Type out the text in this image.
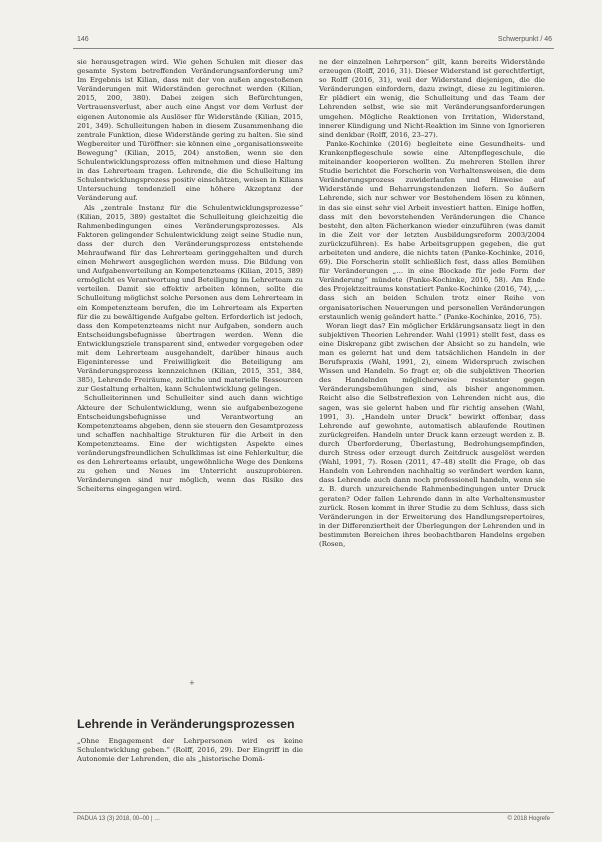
146	Schwerpunkt / 46

sie herausgetragen wird. Wie gehen Schulen mit dieser das gesamte System betreffenden Veränderungsanforderung um? Im Ergebnis ist Kilian, dass mit der von außen angestoßenen Veränderungen mit Widerständen gerechnet werden (Kilian, 2015, 200, 380). Dabei zeigen sich Befürchtungen, Vertrauensverlust, aber auch eine Angst vor dem Verlust der eigenen Autonomie als Auslöser für Widerstände (Kilian, 2015, 201, 349). Schulleitungen haben in diesem Zusammenhang die zentrale Funktion, diese Widerstände gering zu halten. Sie sind Wegbereiter und Türöffner: sie können eine „organisationsweite Bewegung“ (Kilian, 2015, 204) anstoßen, wenn sie den Schulentwicklungsprozess offen mitnehmen und diese Haltung in das Lehrerteam tragen. Lehrende, die die Schulleitung im Schulentwicklungsprozess positiv einschätzen, weisen in Kilians Untersuchung tendenziell eine höhere Akzeptanz der Veränderung auf.

Als „zentrale Instanz für die Schulentwicklungsprozesse“ (Kilian, 2015, 389) gestaltet die Schulleitung gleichzeitig die Rahmenbedingungen eines Veränderungsprozesses. Als Faktoren gelingender Schulentwicklung zeigt seine Studie nun, dass der durch den Veränderungsprozess entstehende Mehraufwand für das Lehrerteam geringgehalten und durch einen Mehrwert ausgeglichen werden muss. Die Bildung von und Aufgabenverteilung an Kompetenzteams (Kilian, 2015, 389) ermöglicht es Verantwortung und Beteiligung im Lehrerteam zu verteilen. Damit sie effektiv arbeiten können, sollte die Schulleitung möglichst solche Personen aus dem Lehrerteam in ein Kompetenzteam berufen, die im Lehrerteam als Experten für die zu bewältigende Aufgabe gelten. Erforderlich ist jedoch, dass den Kompetenzteams nicht nur Aufgaben, sondern auch Entscheidungsbefugnisse übertragen werden. Wenn die Entwicklungsziele transparent sind, entweder vorgegeben oder mit dem Lehrerteam ausgehandelt, darüber hinaus auch Eigeninteresse und Freiwilligkeit die Beteiligung am Veränderungsprozess kennzeichnen (Kilian, 2015, 351, 384, 385), Lehrende Freiräume, zeitliche und materielle Ressourcen zur Gestaltung erhalten, kann Schulentwicklung gelingen.

Schulleiterinnen und Schulleiter sind auch dann wichtige Akteure der Schulentwicklung, wenn sie aufgabenbezogene Entscheidungsbefugnisse und Verantwortung an Kompetenzteams abgeben, denn sie steuern den Gesamtprozess und schaffen nachhaltige Strukturen für die Arbeit in den Kompetenzteams. Eine der wichtigsten Aspekte eines veränderungsfreundlichen Schulklimas ist eine Fehlerkultur, die es den Lehrerteams erlaubt, ungewöhnliche Wege des Denkens zu gehen und Neues im Unterricht auszuprobieren. Veränderungen sind nur möglich, wenn das Risiko des Scheiterns eingegangen wird.

+
Lehrende in Veränderungsprozessen

„Ohne Engagement der Lehrpersonen wird es keine Schulentwicklung geben.“ (Rolff, 2016, 29). Der Eingriff in die Autonomie der Lehrenden, die als „historische Domä-

ne der einzelnen Lehrperson“ gilt, kann bereits Widerstände erzeugen (Rolff, 2016, 31). Dieser Widerstand ist gerechtfertigt, so Rolff (2016, 31), weil der Widerstand diejenigen, die die Veränderungen einfordern, dazu zwingt, diese zu legitimieren. Er plädiert ein wenig, die Schulleitung und das Team der Lehrenden selbst, wie sie mit Veränderungsanforderungen umgehen. Mögliche Reaktionen von Irritation, Widerstand, innerer Kündigung und Nicht-Reaktion im Sinne von Ignorieren sind denkbar (Rolff, 2016, 23–27).

Panke-Kochinke (2016) begleitete eine Gesundheits- und Krankenpflegeschule sowie eine Altenpflegeschule, die miteinander kooperieren wollten. Zu mehreren Stellen ihrer Studie berichtet die Forscherin von Verhaltensweisen, die dem Veränderungsprozess zuwiderlaufen und Hinweise auf Widerstände und Beharrungstendenzen liefern. So äußern Lehrende, sich nur schwer vor Bestehendem lösen zu können, in das sie einst sehr viel Arbeit investiert hatten. Einige hoffen, dass mit den bevorstehenden Veränderungen die Chance besteht, den alten Fächerkanon wieder einzuführen (was damit in die Zeit vor der letzten Ausbildungsreform 2003/2004 zurückzuführen). Es habe Arbeitsgruppen gegeben, die gut arbeiteten und andere, die nichts taten (Panke-Kochinke, 2016, 69). Die Forscherin stellt schließlich fest, dass alles Bemühen für Veränderungen „… in eine Blockade für jede Form der Veränderung“ mündete (Panke-Kochinke, 2016, 58). Am Ende des Projektzeitraums konstatiert Panke-Kochinke (2016, 74), „… dass sich an beiden Schulen trotz einer Reihe von organisatorischen Neuerungen und personellen Veränderungen erstaunlich wenig geändert hatte.“ (Panke-Kochinke, 2016, 75).

Woran liegt das? Ein möglicher Erklärungsansatz liegt in den subjektiven Theorien Lehrender. Wahl (1991) stellt fest, dass es eine Diskrepanz gibt zwischen der Absicht so zu handeln, wie man es gelernt hat und dem tatsächlichen Handeln in der Berufspraxis (Wahl, 1991, 2), einem Widerspruch zwischen Wissen und Handeln. So fragt er, ob die subjektiven Theorien des Handelnden möglicherweise resistenter gegen Veränderungsbemühungen sind, als bisher angenommen. Reicht also die Selbstreflexion von Lehrenden nicht aus, die sagen, was sie gelernt haben und für richtig ansehen (Wahl, 1991, 3). „Handeln unter Druck“ bewirkt offenbar, dass Lehrende auf gewohnte, automatisch ablaufende Routinen zurückgreifen. Handeln unter Druck kann erzeugt werden z. B. durch Überforderung, Überlastung, Bedrohungsempfinden, durch Stress oder erzeugt durch Zeitdruck ausgelöst werden (Wahl, 1991, 7). Rosen (2011, 47–48) stellt die Frage, ob das Handeln von Lehrenden nachhaltig so verändert werden kann, dass Lehrende auch dann noch professionell handeln, wenn sie z. B. durch unzureichende Rahmenbedingungen unter Druck geraten? Oder fallen Lehrende dann in alte Verhaltensmuster zurück. Rosen kommt in ihrer Studie zu dem Schluss, dass sich Veränderungen in der Erweiterung des Handlungsrepertoires, in der Differenziertheit der Überlegungen der Lehrenden und in bestimmten Bereichen ihres beobachtbaren Handelns ergeben (Rosen,

PADUA 13 (3) 2018, 00–00 | …	© 2018 Hogrefe
